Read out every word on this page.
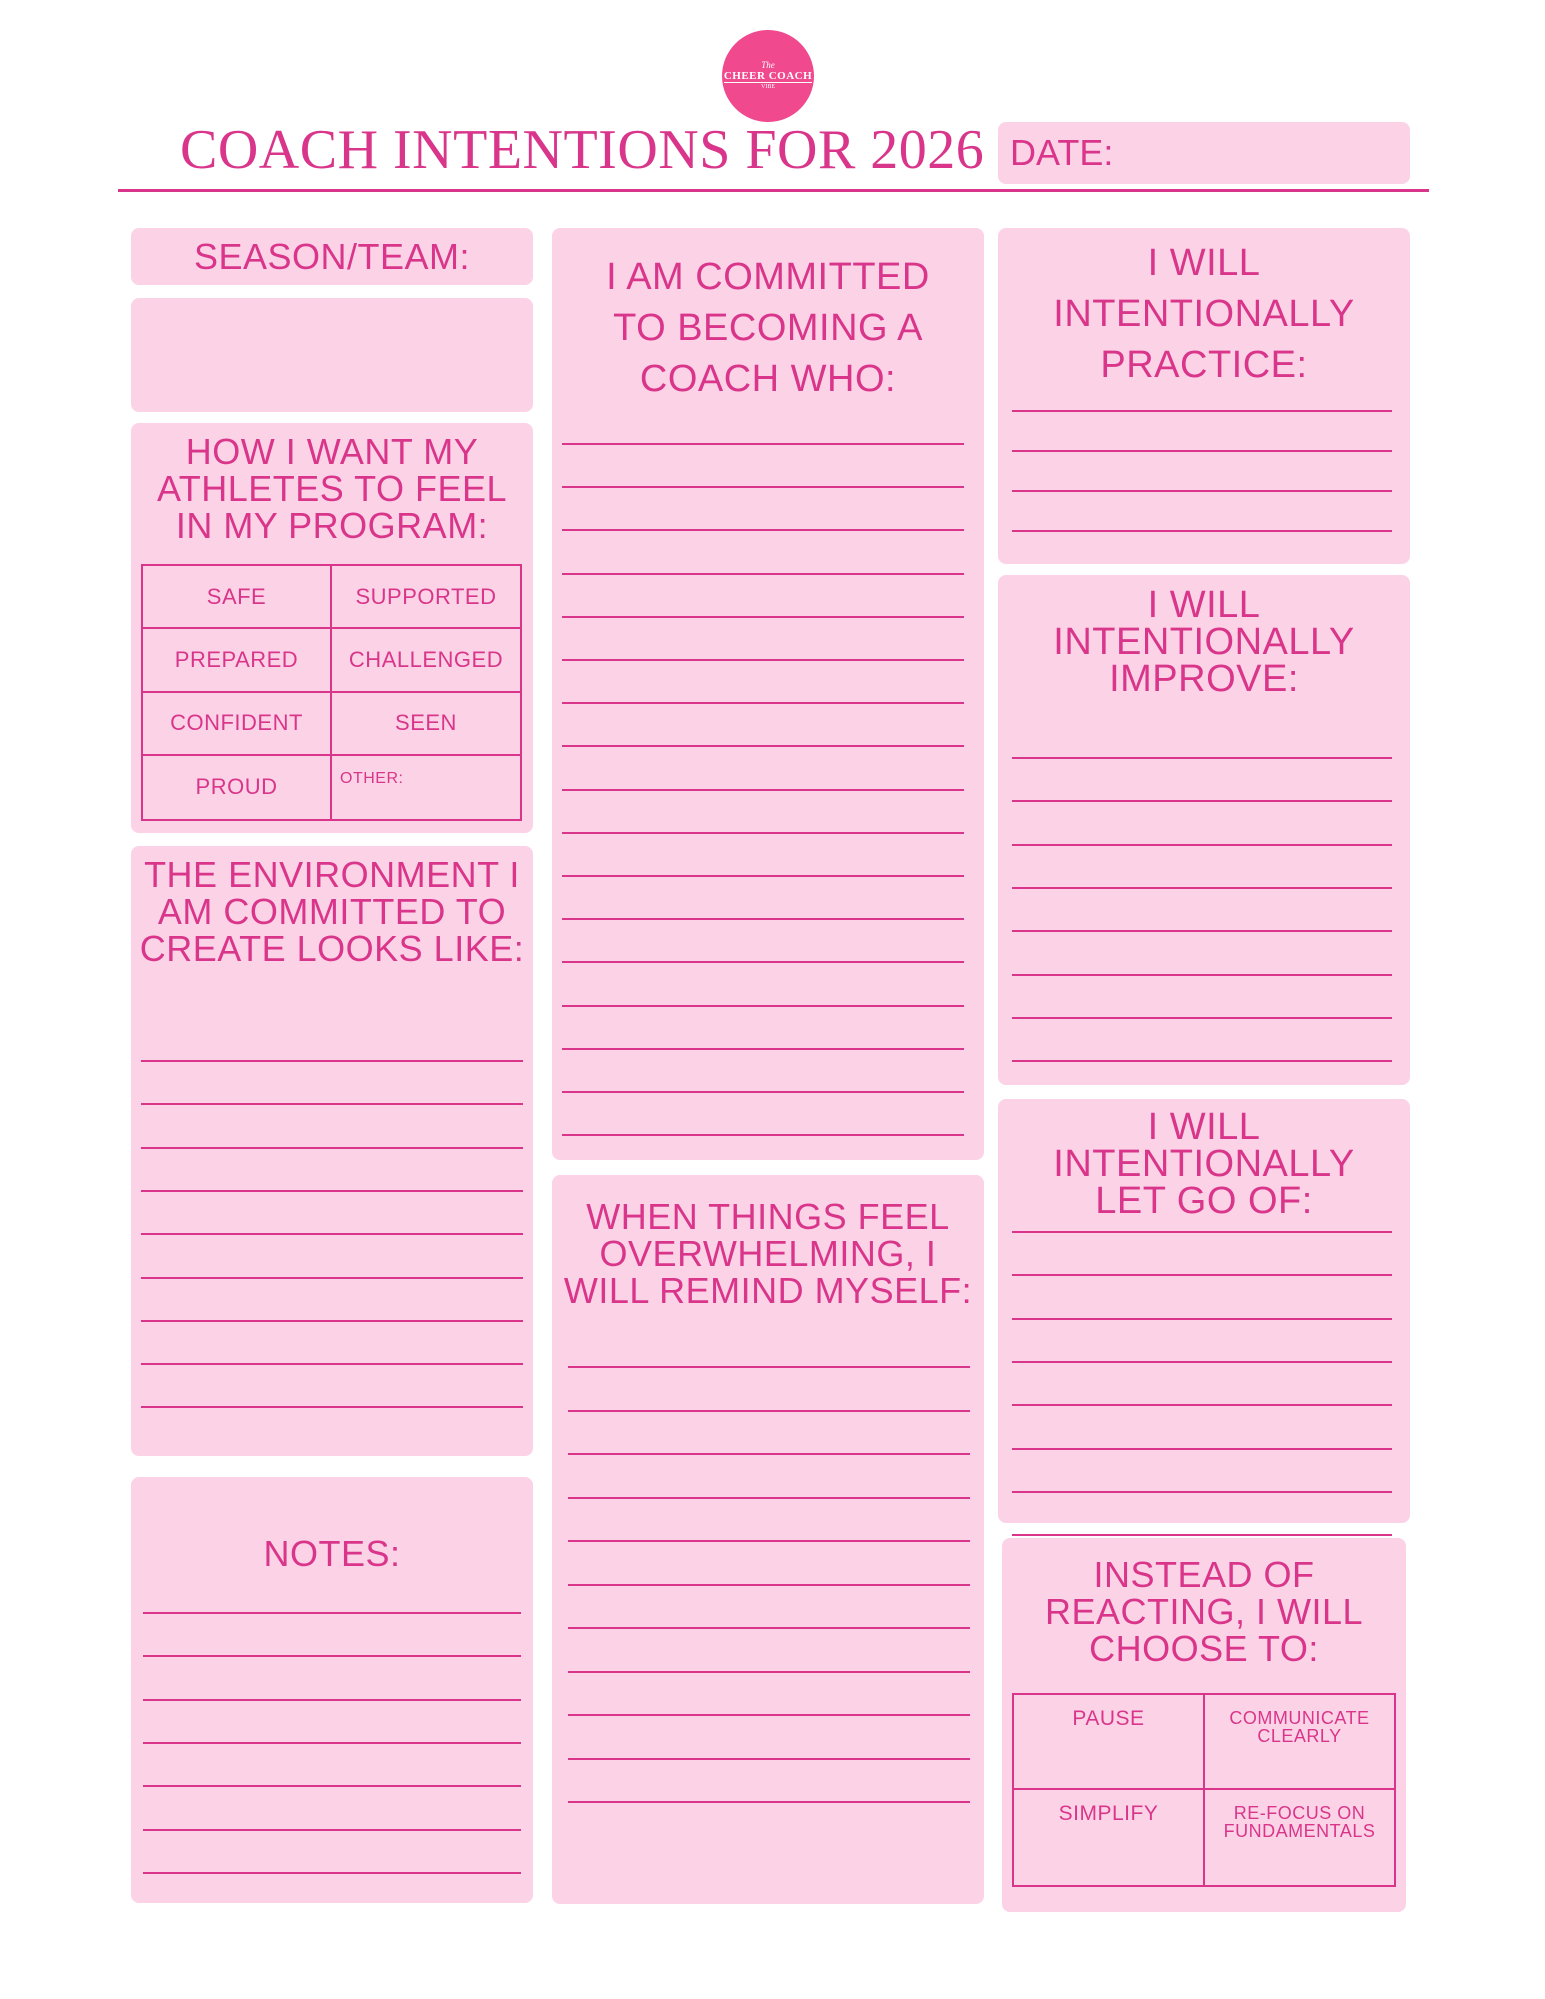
The
CHEER COACH
VIBE
COACH INTENTIONS FOR 2026 DATE:
SEASON/TEAM:
HOW I WANT MY ATHLETES TO FEEL IN MY PROGRAM:
SAFE	SUPPORTED
PREPARED	CHALLENGED
CONFIDENT	SEEN
PROUD	OTHER:
THE ENVIRONMENT I AM COMMITTED TO CREATE LOOKS LIKE:
NOTES:
I AM COMMITTED TO BECOMING A COACH WHO:
WHEN THINGS FEEL OVERWHELMING, I WILL REMIND MYSELF:
I WILL INTENTIONALLY PRACTICE:
I WILL INTENTIONALLY IMPROVE:
I WILL INTENTIONALLY LET GO OF:
INSTEAD OF REACTING, I WILL CHOOSE TO:
PAUSE	COMMUNICATE CLEARLY
SIMPLIFY	RE-FOCUS ON FUNDAMENTALS
